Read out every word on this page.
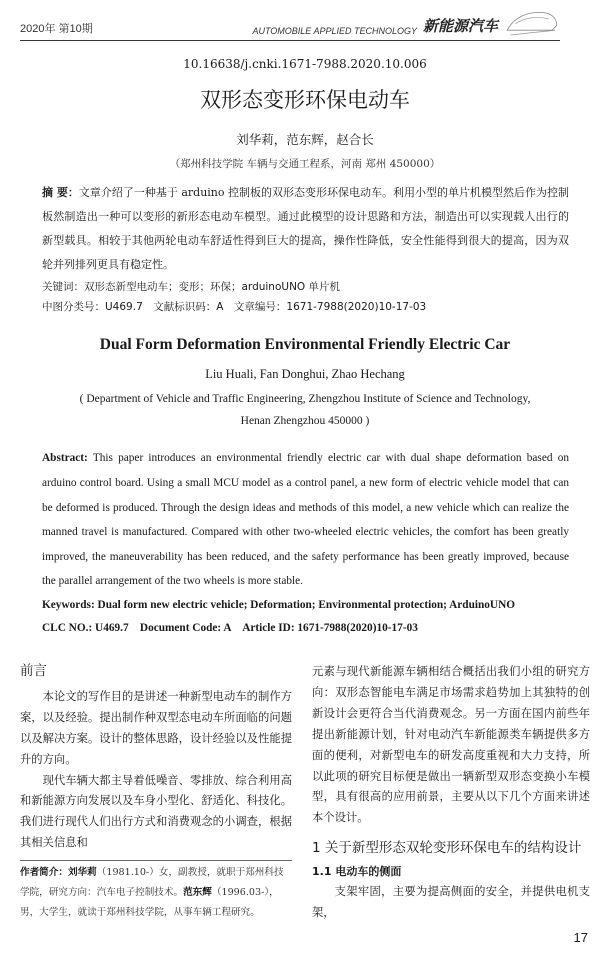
2020年 第10期	AUTOMOBILE APPLIED TECHNOLOGY 新能源汽车
10.16638/j.cnki.1671-7988.2020.10.006
双形态变形环保电动车
刘华莉，范东辉，赵合长
（郑州科技学院 车辆与交通工程系，河南 郑州 450000）
摘 要：文章介绍了一种基于 arduino 控制板的双形态变形环保电动车。利用小型的单片机模型然后作为控制板然制造出一种可以变形的新形态电动车模型。通过此模型的设计思路和方法，制造出可以实现载人出行的新型载具。相较于其他两轮电动车舒适性得到巨大的提高，操作性降低，安全性能得到很大的提高，因为双轮并列排列更具有稳定性。
关键词：双形态新型电动车；变形；环保；arduinoUNO 单片机
中图分类号：U469.7　文献标识码：A　文章编号：1671-7988(2020)10-17-03
Dual Form Deformation Environmental Friendly Electric Car
Liu Huali, Fan Donghui, Zhao Hechang
( Department of Vehicle and Traffic Engineering, Zhengzhou Institute of Science and Technology,
Henan Zhengzhou 450000 )
Abstract: This paper introduces an environmental friendly electric car with dual shape deformation based on arduino control board. Using a small MCU model as a control panel, a new form of electric vehicle model that can be deformed is produced. Through the design ideas and methods of this model, a new vehicle which can realize the manned travel is manufactured. Compared with other two-wheeled electric vehicles, the comfort has been greatly improved, the maneuverability has been reduced, and the safety performance has been greatly improved, because the parallel arrangement of the two wheels is more stable.
Keywords: Dual form new electric vehicle; Deformation; Environmental protection; ArduinoUNO
CLC NO.: U469.7　Document Code: A　Article ID: 1671-7988(2020)10-17-03
前言

本论文的写作目的是讲述一种新型电动车的制作方案，以及经验。提出制作种双型态电动车所面临的问题以及解决方案。设计的整体思路，设计经验以及性能提升的方向。

现代车辆大都主导着低噪音、零排放、综合利用高和新能源方向发展以及车身小型化、舒适化、科技化。我们进行现代人们出行方式和消费观念的小调查，根据其相关信息和

作者简介：刘华莉（1981.10-）女，副教授，就职于郑州科技学院，研究方向：汽车电子控制技术。范东辉（1996.03-），男，大学生，就读于郑州科技学院，从事车辆工程研究。

元素与现代新能源车辆相结合概括出我们小组的研究方向：双形态智能电车满足市场需求趋势加上其独特的创新设计会更符合当代消费观念。另一方面在国内前些年提出新能源计划，针对电动汽车新能源类车辆提供多方面的便利，对新型电车的研发高度重视和大力支持，所以此项的研究目标便是做出一辆新型双形态变换小车模型，具有很高的应用前景，主要从以下几个方面来讲述本个设计。

1 关于新型形态双轮变形环保电车的结构设计
1.1 电动车的侧面

支架牢固，主要为提高侧面的安全，并提供电机支架，

17
